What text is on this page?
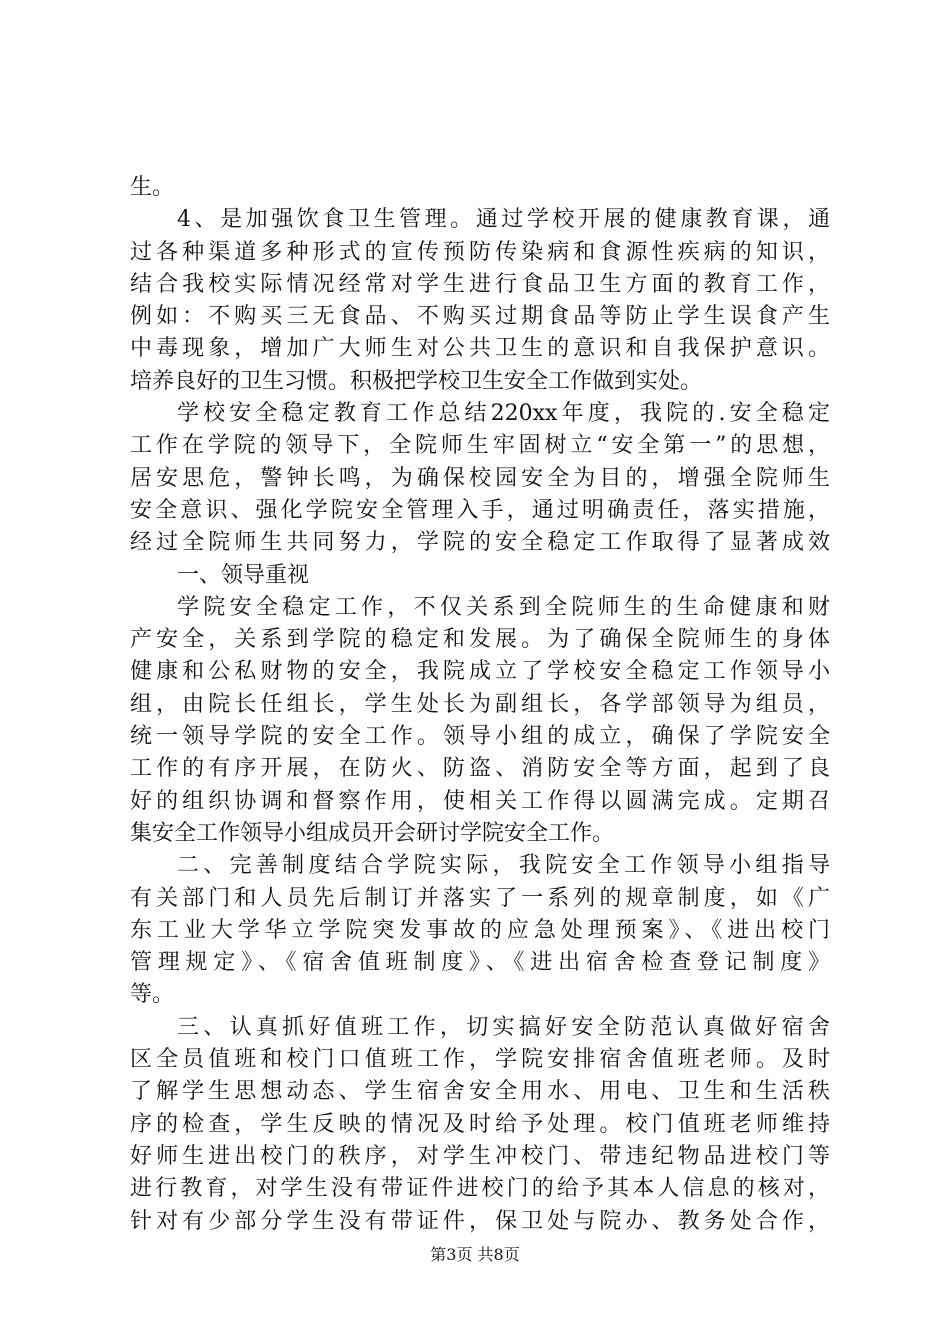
生。
4、是加强饮食卫生管理。通过学校开展的健康教育课，通
过各种渠道多种形式的宣传预防传染病和食源性疾病的知识，
结合我校实际情况经常对学生进行食品卫生方面的教育工作，
例如：不购买三无食品、不购买过期食品等防止学生误食产生
中毒现象，增加广大师生对公共卫生的意识和自我保护意识。
培养良好的卫生习惯。积极把学校卫生安全工作做到实处。
学校安全稳定教育工作总结220xx年度，我院的.安全稳定
工作在学院的领导下，全院师生牢固树立“安全第一”的思想，
居安思危，警钟长鸣，为确保校园安全为目的，增强全院师生
安全意识、强化学院安全管理入手，通过明确责任，落实措施，
经过全院师生共同努力，学院的安全稳定工作取得了显著成效
一、领导重视
学院安全稳定工作，不仅关系到全院师生的生命健康和财
产安全，关系到学院的稳定和发展。为了确保全院师生的身体
健康和公私财物的安全，我院成立了学校安全稳定工作领导小
组，由院长任组长，学生处长为副组长，各学部领导为组员，
统一领导学院的安全工作。领导小组的成立，确保了学院安全
工作的有序开展，在防火、防盗、消防安全等方面，起到了良
好的组织协调和督察作用，使相关工作得以圆满完成。定期召
集安全工作领导小组成员开会研讨学院安全工作。
二、完善制度结合学院实际，我院安全工作领导小组指导
有关部门和人员先后制订并落实了一系列的规章制度，如《广
东工业大学华立学院突发事故的应急处理预案》、《进出校门
管理规定》、《宿舍值班制度》、《进出宿舍检查登记制度》
等。
三、认真抓好值班工作，切实搞好安全防范认真做好宿舍
区全员值班和校门口值班工作，学院安排宿舍值班老师。及时
了解学生思想动态、学生宿舍安全用水、用电、卫生和生活秩
序的检查，学生反映的情况及时给予处理。校门值班老师维持
好师生进出校门的秩序，对学生冲校门、带违纪物品进校门等
进行教育，对学生没有带证件进校门的给予其本人信息的核对，
针对有少部分学生没有带证件，保卫处与院办、教务处合作，
第3页 共8页
